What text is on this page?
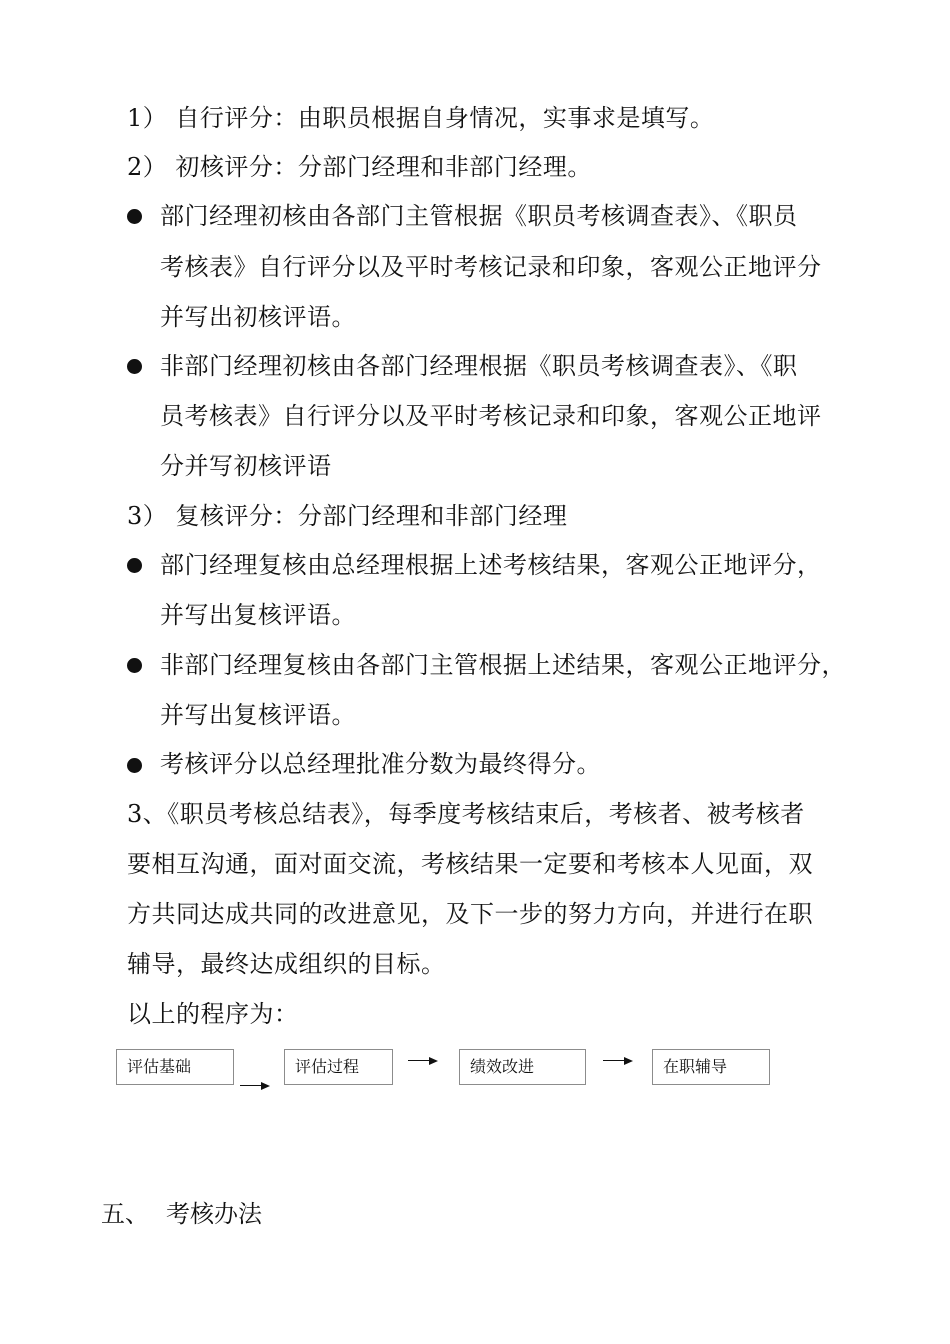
1） 自行评分：由职员根据自身情况，实事求是填写。
2） 初核评分：分部门经理和非部门经理。
部门经理初核由各部门主管根据《职员考核调查表》、《职员
考核表》自行评分以及平时考核记录和印象，客观公正地评分
并写出初核评语。
非部门经理初核由各部门经理根据《职员考核调查表》、《职
员考核表》自行评分以及平时考核记录和印象，客观公正地评
分并写初核评语
3） 复核评分：分部门经理和非部门经理
部门经理复核由总经理根据上述考核结果，客观公正地评分，
并写出复核评语。
非部门经理复核由各部门主管根据上述结果，客观公正地评分，
并写出复核评语。
考核评分以总经理批准分数为最终得分。
3、《职员考核总结表》，每季度考核结束后，考核者、被考核者
要相互沟通，面对面交流，考核结果一定要和考核本人见面，双
方共同达成共同的改进意见，及下一步的努力方向，并进行在职
辅导，最终达成组织的目标。
以上的程序为：
评估基础	评估过程	绩效改进	在职辅导
五、 考核办法
